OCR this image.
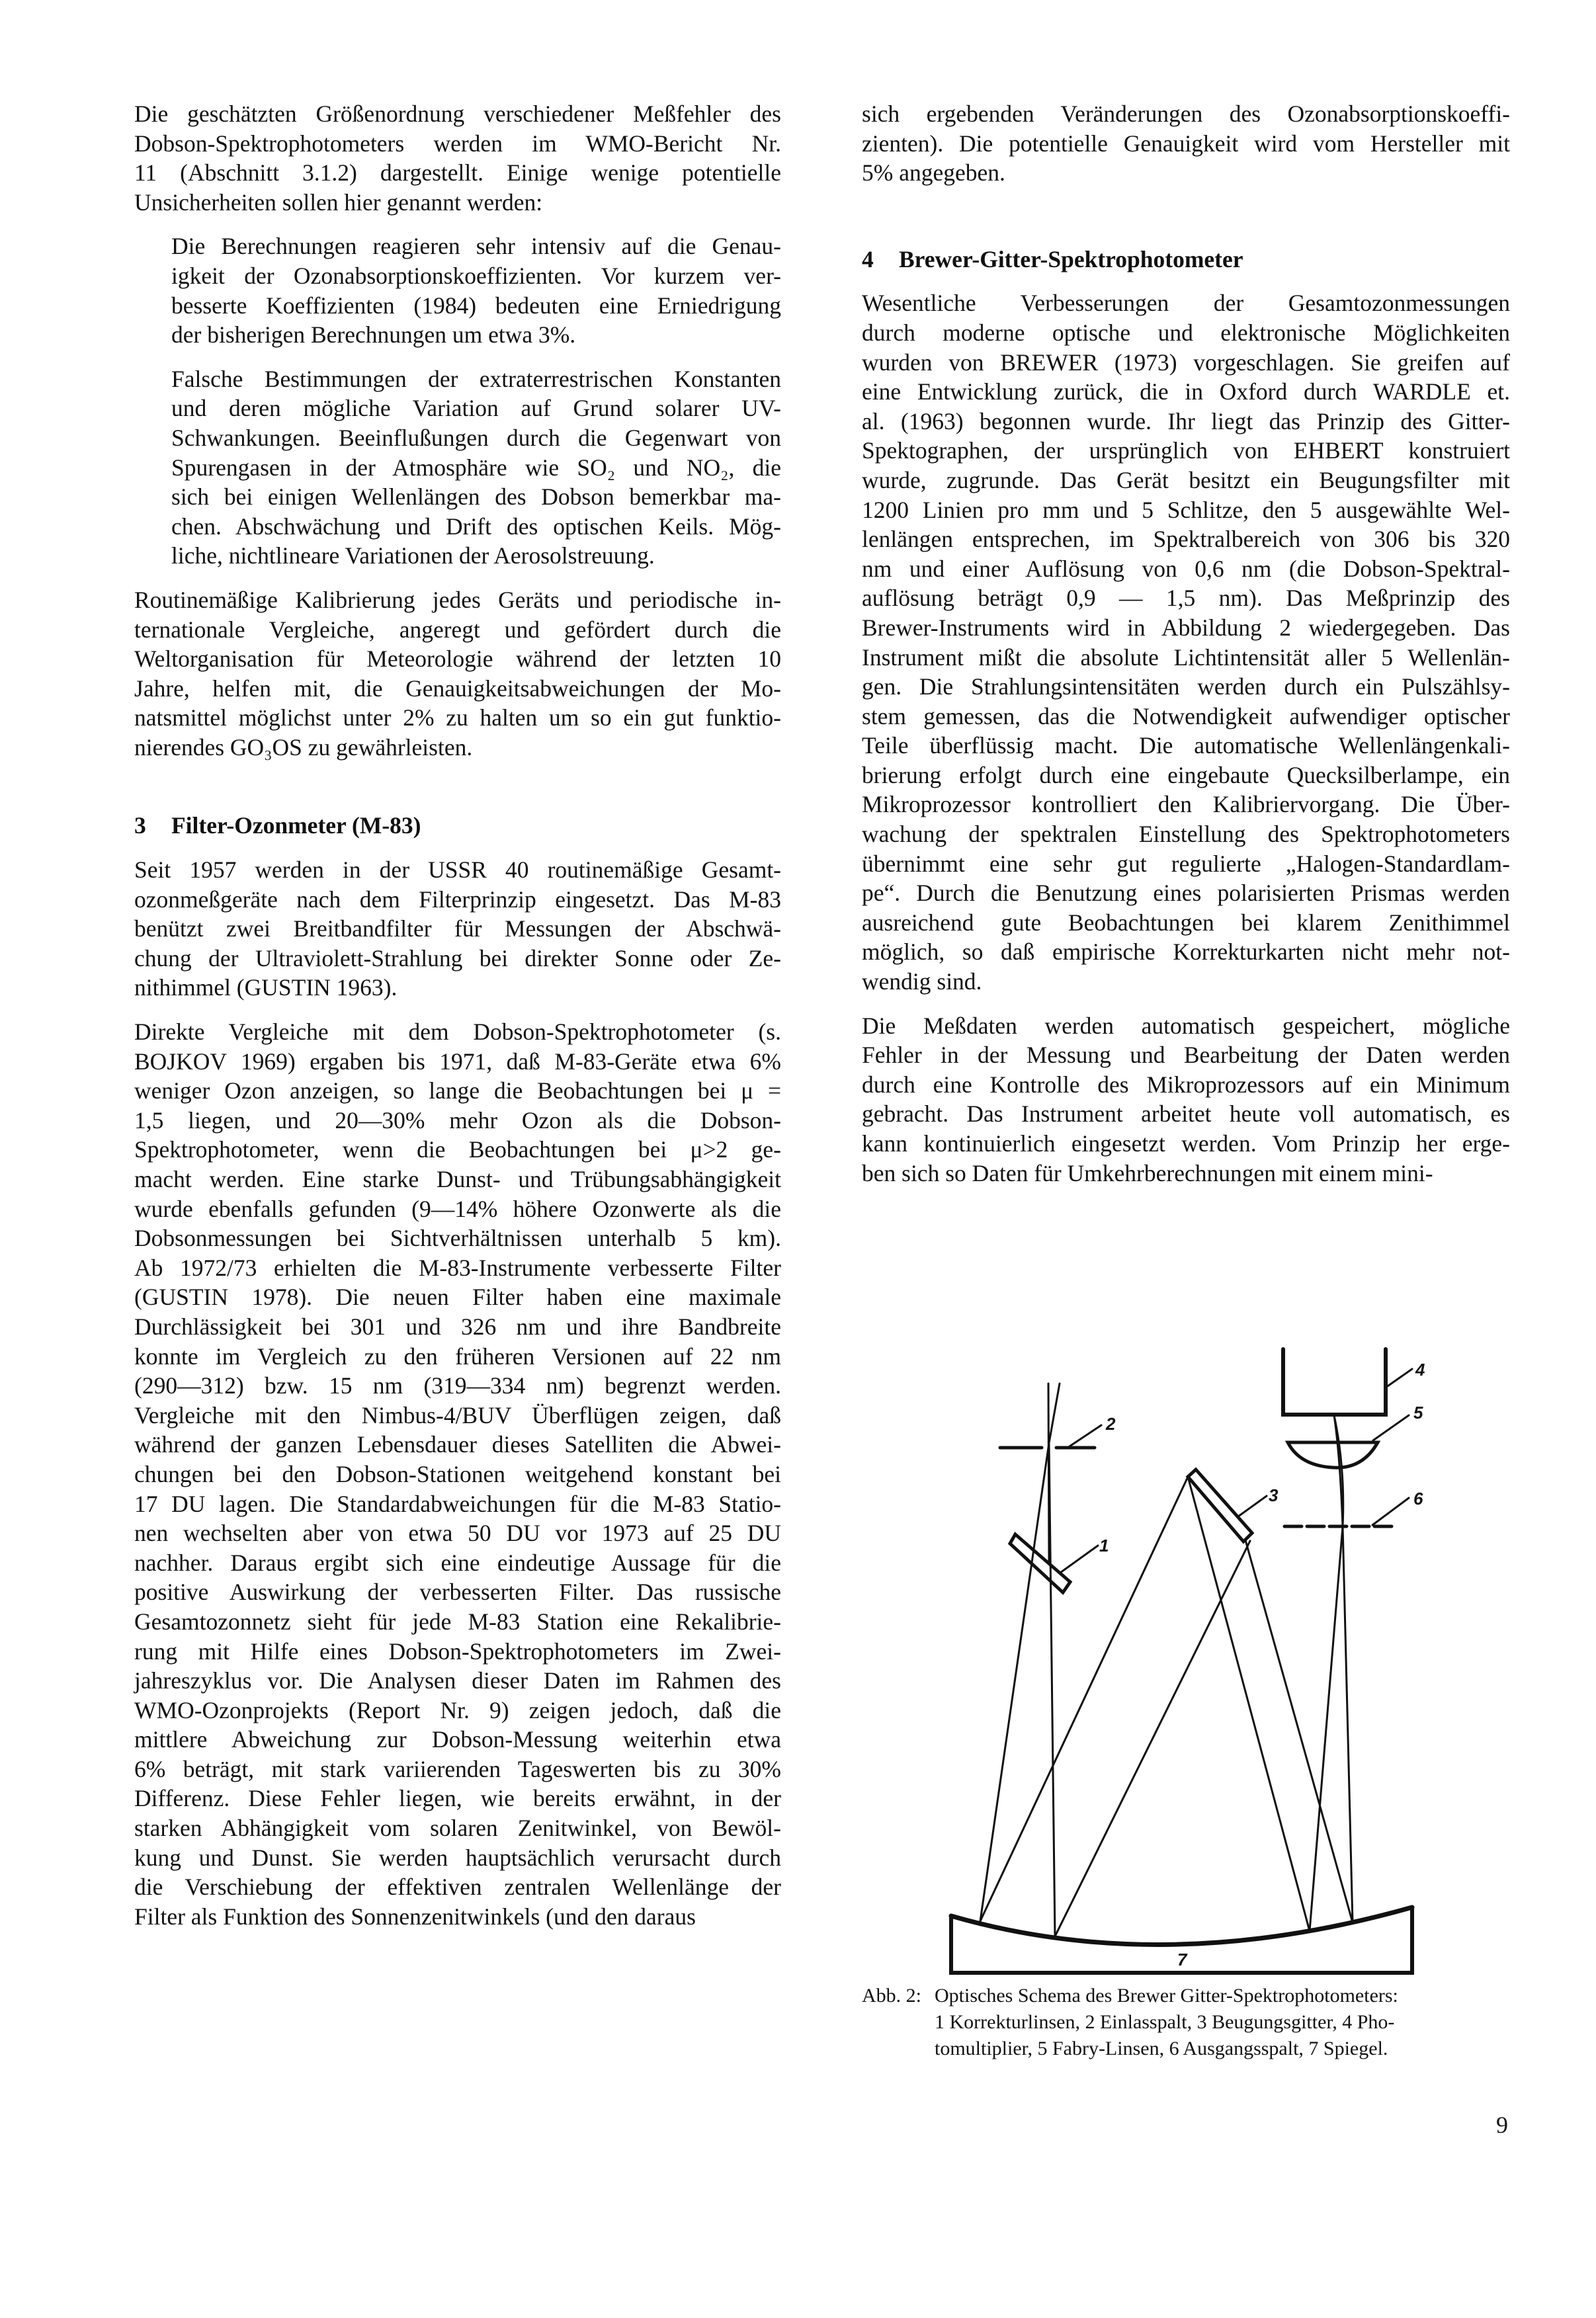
Die geschätzten Größenordnung verschiedener Meßfehler des
Dobson-Spektrophotometers werden im WMO-Bericht Nr.
11 (Abschnitt 3.1.2) dargestellt. Einige wenige potentielle
Unsicherheiten sollen hier genannt werden:
Die Berechnungen reagieren sehr intensiv auf die Genau-
igkeit der Ozonabsorptionskoeffizienten. Vor kurzem ver-
besserte Koeffizienten (1984) bedeuten eine Erniedrigung
der bisherigen Berechnungen um etwa 3%.
Falsche Bestimmungen der extraterrestrischen Konstanten
und deren mögliche Variation auf Grund solarer UV-
Schwankungen. Beeinflußungen durch die Gegenwart von
Spurengasen in der Atmosphäre wie SO₂ und NO₂, die
sich bei einigen Wellenlängen des Dobson bemerkbar ma-
chen. Abschwächung und Drift des optischen Keils. Mög-
liche, nichtlineare Variationen der Aerosolstreuung.
Routinemäßige Kalibrierung jedes Geräts und periodische in-
ternationale Vergleiche, angeregt und gefördert durch die
Weltorganisation für Meteorologie während der letzten 10
Jahre, helfen mit, die Genauigkeitsabweichungen der Mo-
natsmittel möglichst unter 2% zu halten um so ein gut funktio-
nierendes GO₃OS zu gewährleisten.
3 Filter-Ozonmeter (M-83)
Seit 1957 werden in der USSR 40 routinemäßige Gesamt-
ozonmeßgeräte nach dem Filterprinzip eingesetzt. Das M-83
benützt zwei Breitbandfilter für Messungen der Abschwä-
chung der Ultraviolett-Strahlung bei direkter Sonne oder Ze-
nithimmel (GUSTIN 1963).
Direkte Vergleiche mit dem Dobson-Spektrophotometer (s.
BOJKOV 1969) ergaben bis 1971, daß M-83-Geräte etwa 6%
weniger Ozon anzeigen, so lange die Beobachtungen bei μ =
1,5 liegen, und 20—30% mehr Ozon als die Dobson-
Spektrophotometer, wenn die Beobachtungen bei μ>2 ge-
macht werden. Eine starke Dunst- und Trübungsabhängigkeit
wurde ebenfalls gefunden (9—14% höhere Ozonwerte als die
Dobsonmessungen bei Sichtverhältnissen unterhalb 5 km).
Ab 1972/73 erhielten die M-83-Instrumente verbesserte Filter
(GUSTIN 1978). Die neuen Filter haben eine maximale
Durchlässigkeit bei 301 und 326 nm und ihre Bandbreite
konnte im Vergleich zu den früheren Versionen auf 22 nm
(290—312) bzw. 15 nm (319—334 nm) begrenzt werden.
Vergleiche mit den Nimbus-4/BUV Überflügen zeigen, daß
während der ganzen Lebensdauer dieses Satelliten die Abwei-
chungen bei den Dobson-Stationen weitgehend konstant bei
17 DU lagen. Die Standardabweichungen für die M-83 Statio-
nen wechselten aber von etwa 50 DU vor 1973 auf 25 DU
nachher. Daraus ergibt sich eine eindeutige Aussage für die
positive Auswirkung der verbesserten Filter. Das russische
Gesamtozonnetz sieht für jede M-83 Station eine Rekalibrie-
rung mit Hilfe eines Dobson-Spektrophotometers im Zwei-
jahreszyklus vor. Die Analysen dieser Daten im Rahmen des
WMO-Ozonprojekts (Report Nr. 9) zeigen jedoch, daß die
mittlere Abweichung zur Dobson-Messung weiterhin etwa
6% beträgt, mit stark variierenden Tageswerten bis zu 30%
Differenz. Diese Fehler liegen, wie bereits erwähnt, in der
starken Abhängigkeit vom solaren Zenitwinkel, von Bewöl-
kung und Dunst. Sie werden hauptsächlich verursacht durch
die Verschiebung der effektiven zentralen Wellenlänge der
Filter als Funktion des Sonnenzenitwinkels (und den daraus
sich ergebenden Veränderungen des Ozonabsorptionskoeffi-
zienten). Die potentielle Genauigkeit wird vom Hersteller mit
5% angegeben.
4 Brewer-Gitter-Spektrophotometer
Wesentliche Verbesserungen der Gesamtozonmessungen
durch moderne optische und elektronische Möglichkeiten
wurden von BREWER (1973) vorgeschlagen. Sie greifen auf
eine Entwicklung zurück, die in Oxford durch WARDLE et.
al. (1963) begonnen wurde. Ihr liegt das Prinzip des Gitter-
Spektographen, der ursprünglich von EHBERT konstruiert
wurde, zugrunde. Das Gerät besitzt ein Beugungsfilter mit
1200 Linien pro mm und 5 Schlitze, den 5 ausgewählte Wel-
lenlängen entsprechen, im Spektralbereich von 306 bis 320
nm und einer Auflösung von 0,6 nm (die Dobson-Spektral-
auflösung beträgt 0,9 — 1,5 nm). Das Meßprinzip des
Brewer-Instruments wird in Abbildung 2 wiedergegeben. Das
Instrument mißt die absolute Lichtintensität aller 5 Wellenlän-
gen. Die Strahlungsintensitäten werden durch ein Pulszählsy-
stem gemessen, das die Notwendigkeit aufwendiger optischer
Teile überflüssig macht. Die automatische Wellenlängenkali-
brierung erfolgt durch eine eingebaute Quecksilberlampe, ein
Mikroprozessor kontrolliert den Kalibriervorgang. Die Über-
wachung der spektralen Einstellung des Spektrophotometers
übernimmt eine sehr gut regulierte „Halogen-Standardlam-
pe“. Durch die Benutzung eines polarisierten Prismas werden
ausreichend gute Beobachtungen bei klarem Zenithimmel
möglich, so daß empirische Korrekturkarten nicht mehr not-
wendig sind.
Die Meßdaten werden automatisch gespeichert, mögliche
Fehler in der Messung und Bearbeitung der Daten werden
durch eine Kontrolle des Mikroprozessors auf ein Minimum
gebracht. Das Instrument arbeitet heute voll automatisch, es
kann kontinuierlich eingesetzt werden. Vom Prinzip her erge-
ben sich so Daten für Umkehrberechnungen mit einem mini-
2
1
3
4
5
6
7
Abb. 2: Optisches Schema des Brewer Gitter-Spektrophotometers:
1 Korrekturlinsen, 2 Einlasspalt, 3 Beugungsgitter, 4 Pho-
tomultiplier, 5 Fabry-Linsen, 6 Ausgangsspalt, 7 Spiegel.
9
